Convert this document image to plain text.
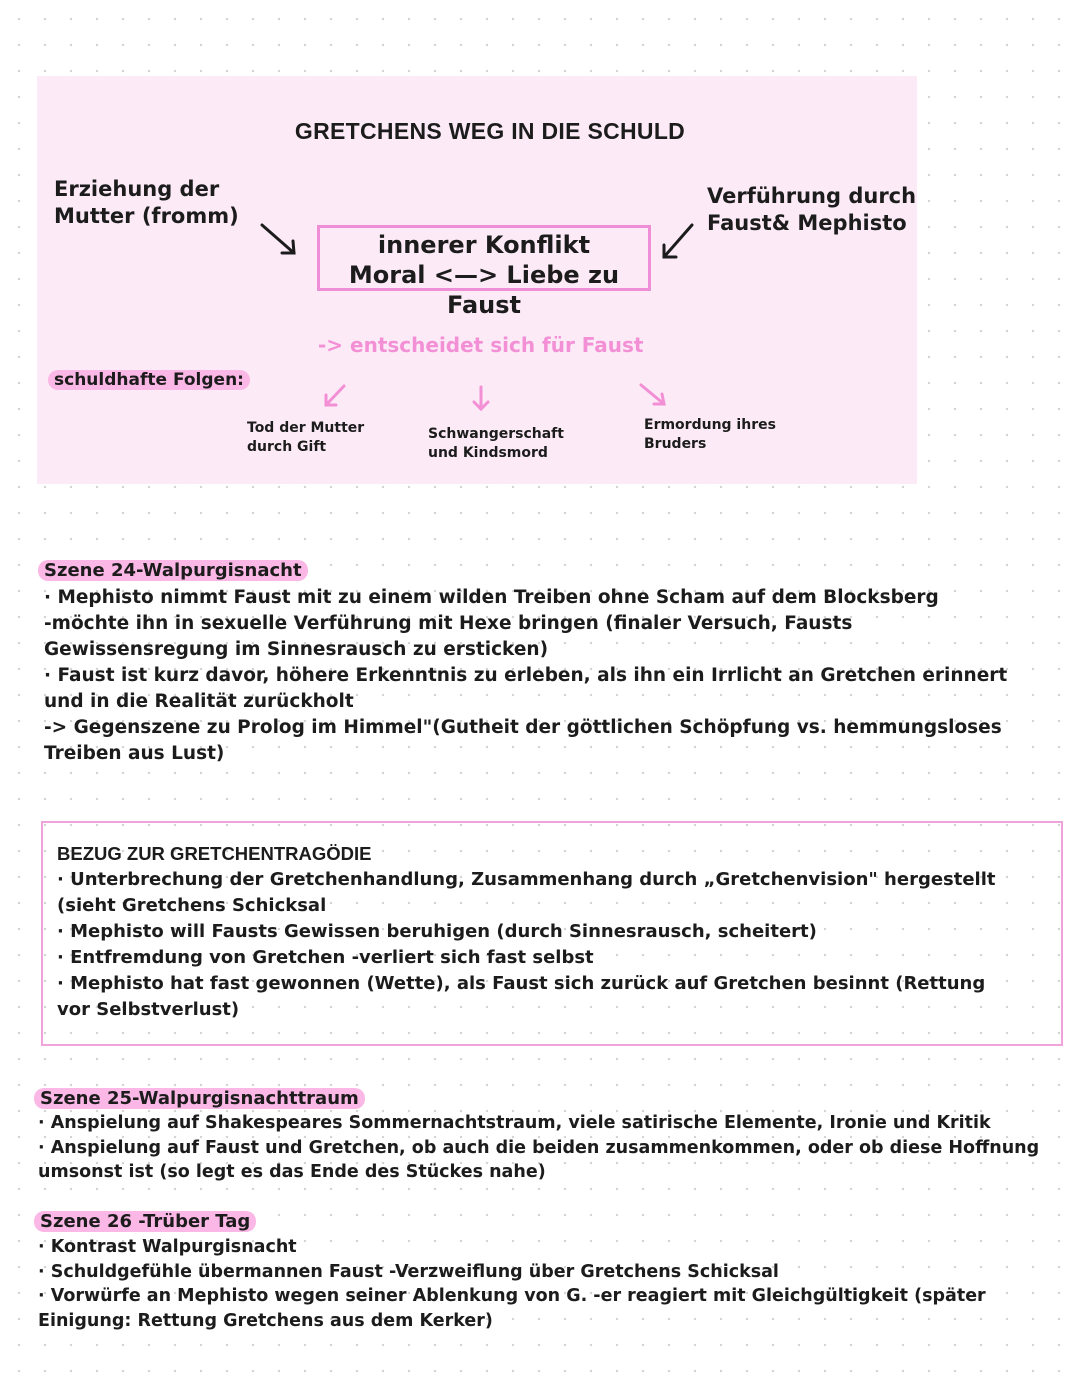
GRETCHENS WEG IN DIE SCHULD
Erziehung der
Mutter (fromm)
Verführung durch
Faust& Mephisto
innerer Konflikt
Moral <—> Liebe zu Faust
-> entscheidet sich für Faust
schuldhafte Folgen:
Tod der Mutter
durch Gift
Schwangerschaft
und Kindsmord
Ermordung ihres
Bruders
Szene 24-Walpurgisnacht
· Mephisto nimmt Faust mit zu einem wilden Treiben ohne Scham auf dem Blocksberg
-möchte ihn in sexuelle Verführung mit Hexe bringen (finaler Versuch, Fausts
Gewissensregung im Sinnesrausch zu ersticken)
· Faust ist kurz davor, höhere Erkenntnis zu erleben, als ihn ein Irrlicht an Gretchen erinnert
und in die Realität zurückholt
-> Gegenszene zu Prolog im Himmel"(Gutheit der göttlichen Schöpfung vs. hemmungsloses
Treiben aus Lust)
BEZUG ZUR GRETCHENTRAGÖDIE
· Unterbrechung der Gretchenhandlung, Zusammenhang durch „Gretchenvision" hergestellt
(sieht Gretchens Schicksal
· Mephisto will Fausts Gewissen beruhigen (durch Sinnesrausch, scheitert)
· Entfremdung von Gretchen -verliert sich fast selbst
· Mephisto hat fast gewonnen (Wette), als Faust sich zurück auf Gretchen besinnt (Rettung
vor Selbstverlust)
Szene 25-Walpurgisnachttraum
· Anspielung auf Shakespeares Sommernachtstraum, viele satirische Elemente, Ironie und Kritik
· Anspielung auf Faust und Gretchen, ob auch die beiden zusammenkommen, oder ob diese Hoffnung
umsonst ist (so legt es das Ende des Stückes nahe)
Szene 26 -Trüber Tag
· Kontrast Walpurgisnacht
· Schuldgefühle übermannen Faust -Verzweiflung über Gretchens Schicksal
· Vorwürfe an Mephisto wegen seiner Ablenkung von G. -er reagiert mit Gleichgültigkeit (später
Einigung: Rettung Gretchens aus dem Kerker)
